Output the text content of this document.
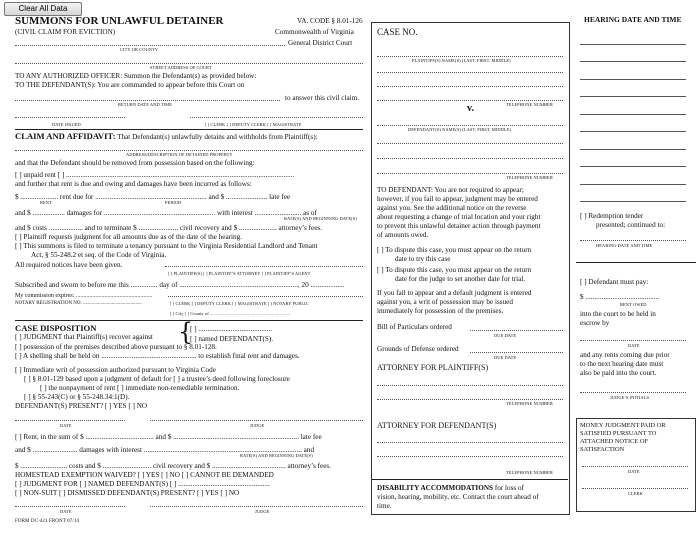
Clear All Data
SUMMONS FOR UNLAWFUL DETAINER
(CIVIL CLAIM FOR EVICTION)
VA. CODE § 8.01-126
Commonwealth of Virginia
General District Court
CITY OR COUNTY
STREET ADDRESS OF COURT
TO ANY AUTHORIZED OFFICER: Summon the Defendant(s) as provided below:
TO THE DEFENDANT(S): You are commanded to appear before this Court on
to answer this civil claim.
RETURN DATE AND TIME
DATE ISSUED	[ ] CLERK [ ] DEPUTY CLERK [ ] MAGISTRATE
CLAIM AND AFFIDAVIT: That Defendant(s) unlawfully detains and withholds from Plaintiff(s):
ADDRESS/DESCRIPTION OF DETAINED PROPERTY
and that the Defendant should be removed from possession based on the following:
[ ] unpaid rent [ ] ...............................................................................................................................
and further that rent is due and owing and damages have been incurred as follows:
$ ..................... rent due for .............................................................. and $ ....................... late fee
RENT	PERIOD
and $ .................. damages for .............................................................. with interest .......................... as of
RATE(S) AND BEGINNING DATE(S)
and $ costs ................... and to terminate $ ...................... civil recovery and $ ..................... attorney’s fees.
[ ] Plaintiff requests judgment for all amounts due as of the date of the hearing.
[ ] This summons is filed to terminate a tenancy pursuant to the Virginia Residential Landlord and Tenant
Act, § 55-248.2 et seq. of the Code of Virginia.
All required notices have been given.
[ ] PLAINTIFF(S) [ ] PLAINTIFF’S ATTORNEY [ ] PLAINTIFF’S AGENT
Subscribed and sworn to before me this ............... day of .................................................................., 20 ...................
My commission expires: ...................................................
NOTARY REGISTRATION NO. ...............................................	[ ] CLERK [ ] DEPUTY CLERK [ ] MAGISTRATE [ ] NOTARY PUBLIC
[ ] City [ ] County of ...................................................................
CASE DISPOSITION
[ ] JUDGMENT that Plaintiff(s) recover against {
[ ] .........................................
[ ] named DEFENDANT(S).
[ ] possession of the premises described above pursuant to § 8.01-128.
[ ] A shelling shall be held on ..................................................... to establish final rent and damages.
[ ] Immediate writ of possession authorized pursuant to Virginia Code
[ ] § 8.01-129 based upon a judgment of default for [ ] a trustee’s deed following foreclosure
[ ] the nonpayment of rent [ ] immediate non-remediable termination.
[ ] § 55-243(C) or § 55-248.34:1(D).
DEFENDANT(S) PRESENT? [ ] YES [ ] NO
DATE	JUDGE
[ ] Rent, in the sum of $ ...................................... and $ ...................................................................... late fee
and $ ......................... damages with interest ........................................................................................ and
RATE(S) AND BEGINNING DATE(S)
$ .......................... costs and $ ........................... civil recovery and $ ......................................... attorney’s fees.
HOMESTEAD EXEMPTION WAIVED? [ ] YES [ ] NO [ ] CANNOT BE DEMANDED
[ ] JUDGMENT FOR [ ] NAMED DEFENDANT(S) [ ] ...................................................
[ ] NON-SUIT [ ] DISMISSED DEFENDANT(S) PRESENT? [ ] YES [ ] NO
DATE	JUDGE
FORM DC-421 FRONT 07/14
CASE NO.
PLAINTIFF(S) NAME(S) (LAST, FIRST, MIDDLE)
TELEPHONE NUMBER
v.
DEFENDANT(S) NAME(S) (LAST, FIRST, MIDDLE)
TELEPHONE NUMBER
TO DEFENDANT: You are not required to appear;
however, if you fail to appear, judgment may be entered
against you. See the additional notice on the reverse
about requesting a change of trial location and your right
to prevent this unlawful detainer action through payment
of amounts owed.
[ ] To dispute this case, you must appear on the return
date to try this case
[ ] To dispute this case, you must appear on the return
date for the judge to set another date for trial.
If you fail to appear and a default judgment is entered
against you, a writ of possession may be issued
immediately for possession of the premises.
Bill of Particulars ordered
DUE DATE
Grounds of Defense ordered
DUE DATE
ATTORNEY FOR PLAINTIFF(S)
TELEPHONE NUMBER
ATTORNEY FOR DEFENDANT(S)
TELEPHONE NUMBER
DISABILITY ACCOMMODATIONS for loss of
vision, hearing, mobility, etc. Contact the court ahead of
time.
HEARING DATE AND TIME
[ ] Redemption tender
presented; continued to:
HEARING DATE AND TIME
[ ] Defendant must pay:
$ .........................................
RENT OWED
into the court to be held in
escrow by
DATE
and any rents coming due prior
to the next hearing date must
also be paid into the court.
JUDGE’S INITIALS
MONEY JUDGMENT PAID OR
SATISFIED PURSUANT TO
ATTACHED NOTICE OF
SATISFACTION
DATE
CLERK
